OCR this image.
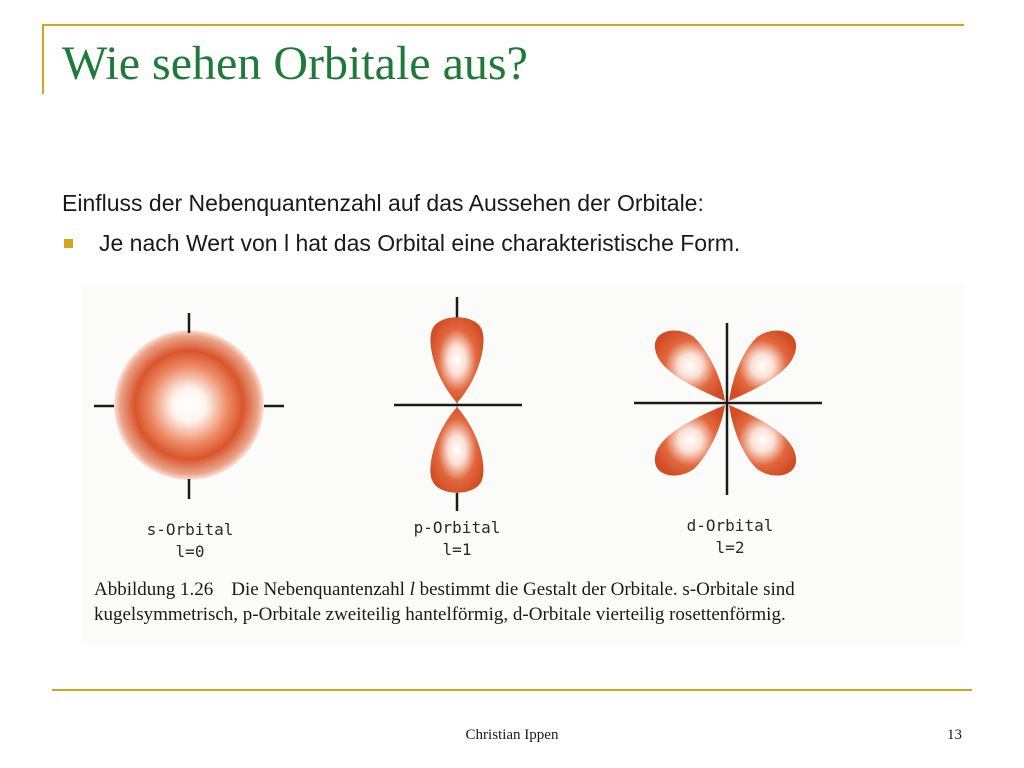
Wie sehen Orbitale aus?
Einfluss der Nebenquantenzahl auf das Aussehen der Orbitale:
Je nach Wert von l hat das Orbital eine charakteristische Form.
s-Orbital
l=0
p-Orbital
l=1
d-Orbital
l=2
Abbildung 1.26 Die Nebenquantenzahl l bestimmt die Gestalt der Orbitale. s-Orbitale sind
kugelsymmetrisch, p-Orbitale zweiteilig hantelförmig, d-Orbitale vierteilig rosettenförmig.
Christian Ippen	13
